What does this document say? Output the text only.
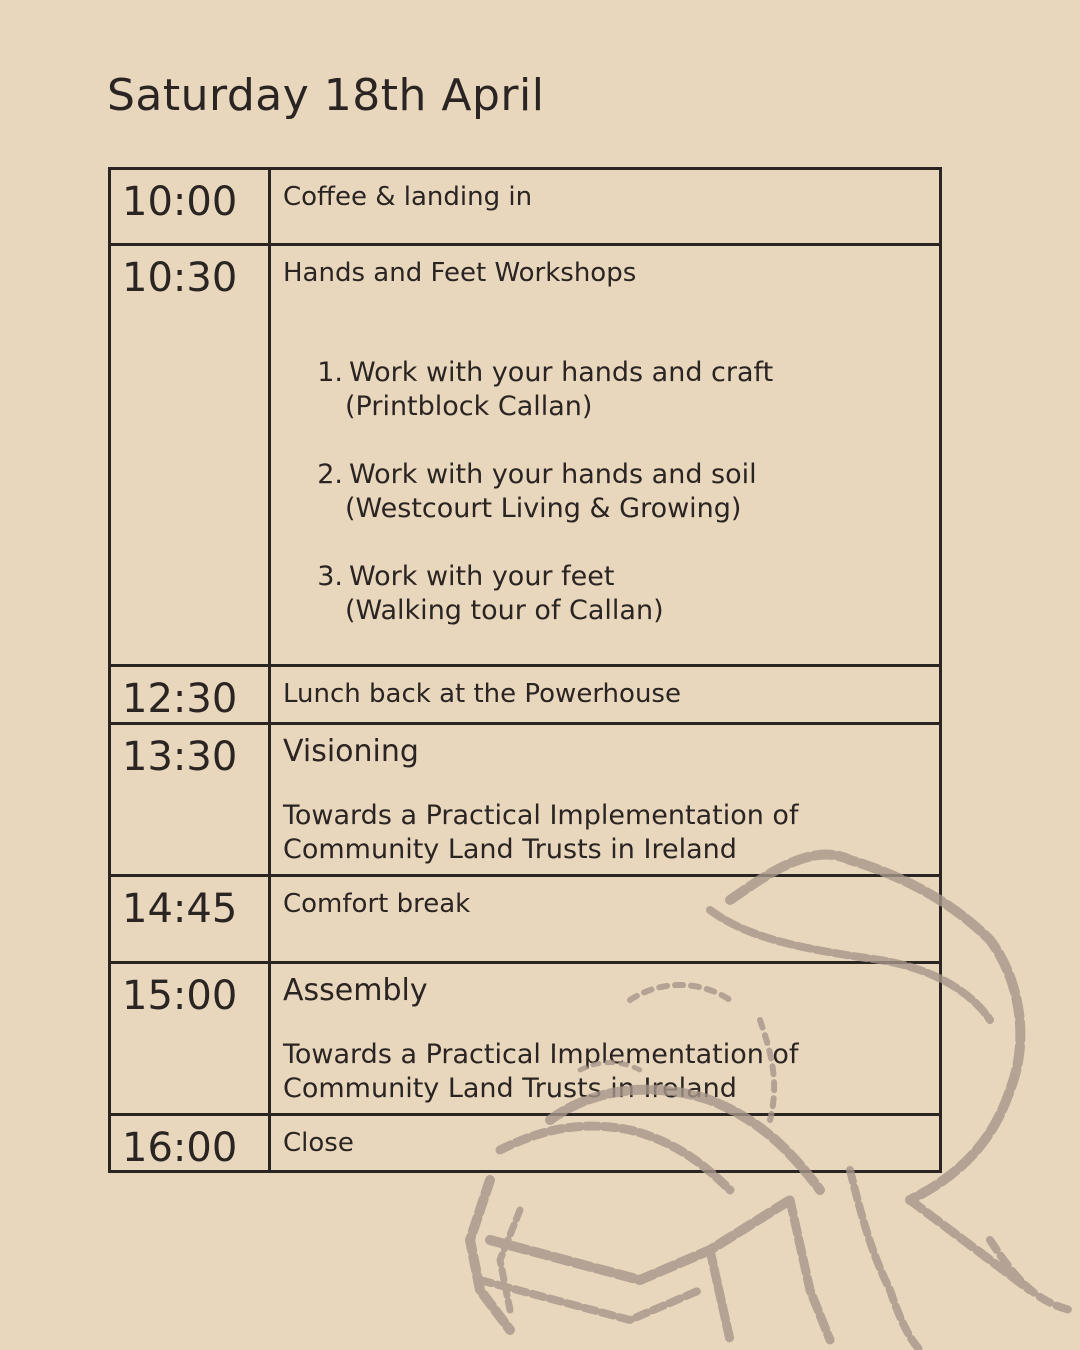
Saturday 18th April
10:00	Coffee & landing in
10:30	Hands and Feet Workshops
1. Work with your hands and craft
(Printblock Callan)
2. Work with your hands and soil
(Westcourt Living & Growing)
3. Work with your feet
(Walking tour of Callan)
12:30	Lunch back at the Powerhouse
13:30	Visioning
Towards a Practical Implementation of
Community Land Trusts in Ireland
14:45	Comfort break
15:00	Assembly
Towards a Practical Implementation of
Community Land Trusts in Ireland
16:00	Close
